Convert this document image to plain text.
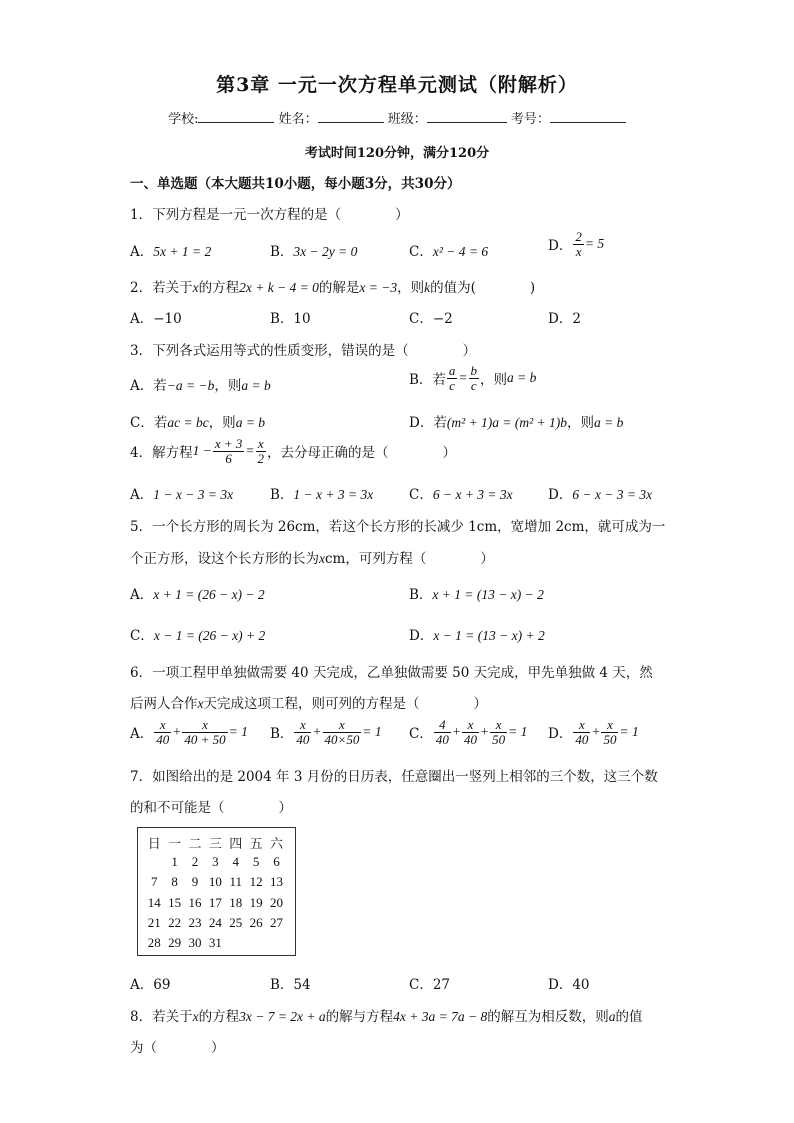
第3章 一元一次方程单元测试（附解析）
学校:	姓名：	班级：	考号：
考试时间120分钟，满分120分
一、单选题（本大题共10小题，每小题3分，共30分）
1．下列方程是一元一次方程的是（　　　　）
A．5x + 1 = 2	B．3x − 2y = 0	C．x² − 4 = 6	D． $\frac{2}{x} = 5$
2．若关于x的方程2x + k − 4 = 0的解是x = −3，则k的值为(　　　　)
A．−10	B．10	C．−2	D．2
3．下列各式运用等式的性质变形，错误的是（　　　　）
A．若−a = −b，则a = b	B．若 $\frac{a}{c} = \frac{b}{c}$ ，则a = b
C．若ac = bc，则a = b	D．若(m² + 1)a = (m² + 1)b，则a = b
4．解方程$1 - \frac{x + 3}{6} = \frac{x}{2}$ ，去分母正确的是（　　　　）
A．1 − x − 3 = 3x	B．1 − x + 3 = 3x	C．6 − x + 3 = 3x	D．6 − x − 3 = 3x
5．一个长方形的周长为 26cm，若这个长方形的长减少 1cm，宽增加 2cm，就可成为一
个正方形，设这个长方形的长为xcm，可列方程（　　　　）
A．x + 1 = (26 − x) − 2	B．x + 1 = (13 − x) − 2
C．x − 1 = (26 − x) + 2	D．x − 1 = (13 − x) + 2
6．一项工程甲单独做需要 40 天完成，乙单独做需要 50 天完成，甲先单独做 4 天，然
后两人合作x天完成这项工程，则可列的方程是（　　　　）
A． $\frac{x}{40} + \frac{x}{40 + 50} = 1$ B． $\frac{x}{40} + \frac{x}{40\times 50} = 1$ C． $\frac{4}{40} + \frac{x}{40} + \frac{x}{50} = 1$ D． $\frac{x}{40} + \frac{x}{50} = 1$
7．如图给出的是 2004 年 3 月份的日历表，任意圈出一竖列上相邻的三个数，这三个数
的和不可能是（　　　　）
日	一	二	三	四	五	六
	1	2	3	4	5	6
7	8	9	10	11	12	13
14	15	16	17	18	19	20
21	22	23	24	25	26	27
28	29	30	31			
A．69	B．54	C．27	D．40
8．若关于x的方程3x − 7 = 2x + a的解与方程4x + 3a = 7a − 8的解互为相反数，则a的值
为（　　　　）
